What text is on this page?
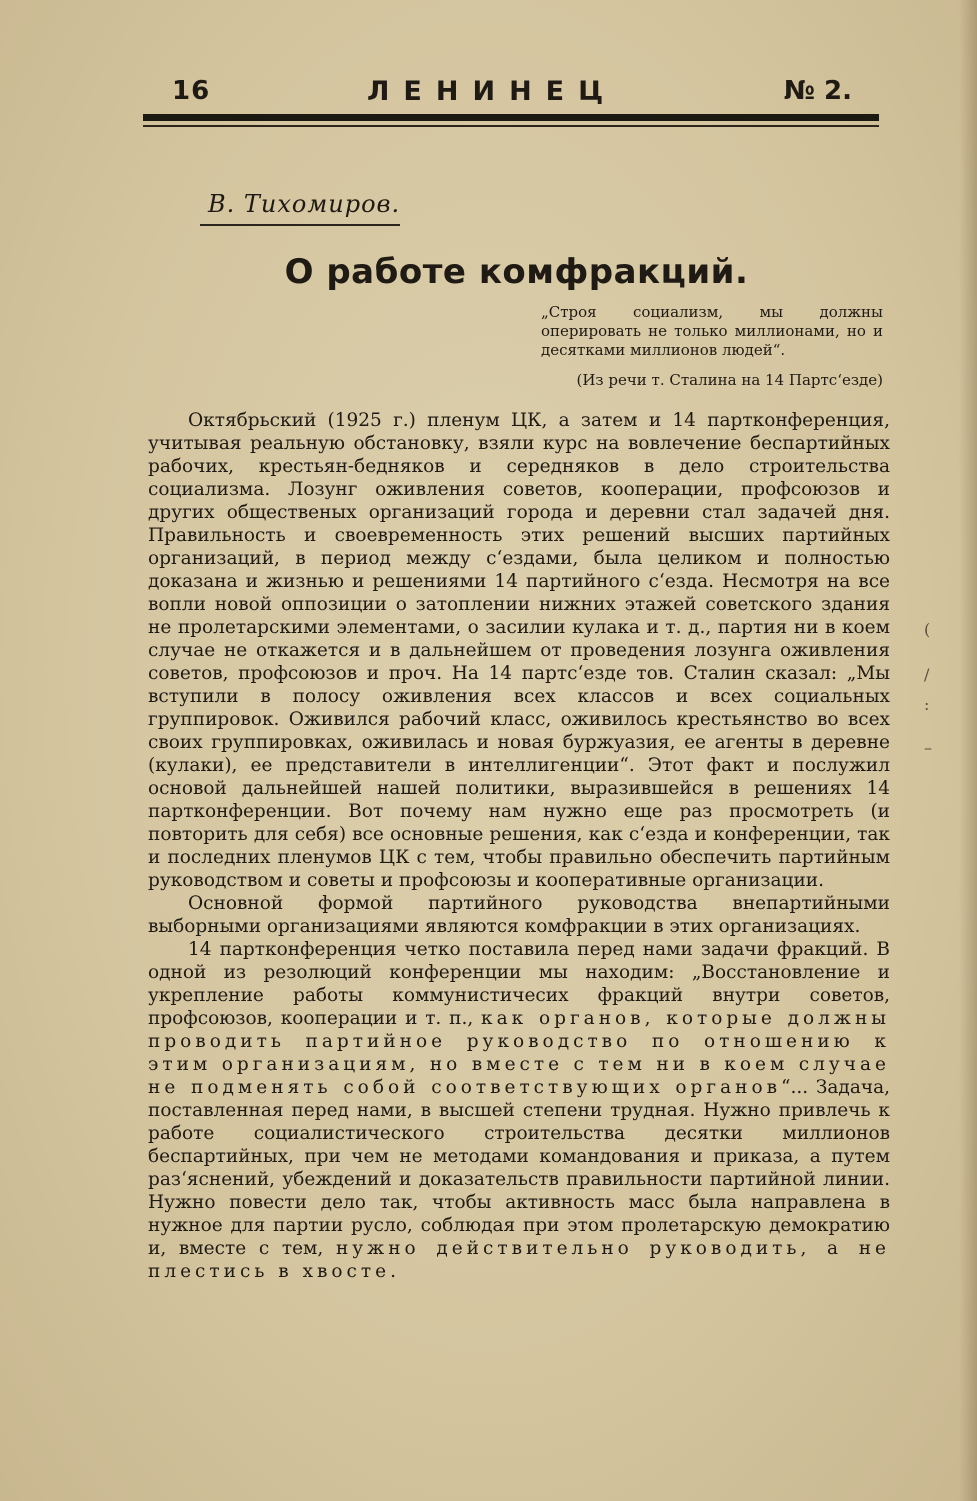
16	ЛЕНИНЕЦ	№ 2.
В. Тихомиров.
О работе комфракций.
„Строя социализм, мы должны оперировать не только миллионами, но и десятками миллионов людей“.
(Из речи т. Сталина на 14 Партс‘езде)

Октябрьский (1925 г.) пленум ЦК, а затем и 14 партконференция, учитывая реальную обстановку, взяли курс на вовлечение беспартийных рабочих, крестьян-бедняков и середняков в дело строительства социализма. Лозунг оживления советов, кооперации, профсоюзов и других общественых организаций города и деревни стал задачей дня. Правильность и своевременность этих решений высших партийных организаций, в период между с‘ездами, была целиком и полностью доказана и жизнью и решениями 14 партийного с‘езда. Несмотря на все вопли новой оппозиции о затоплении нижних этажей советского здания не пролетарскими элементами, о засилии кулака и т. д., партия ни в коем случае не откажется и в дальнейшем от проведения лозунга оживления советов, профсоюзов и проч. На 14 партс‘езде тов. Сталин сказал: „Мы вступили в полосу оживления всех классов и всех социальных группировок. Оживился рабочий класс, оживилось крестьянство во всех своих группировках, оживилась и новая буржуазия, ее агенты в деревне (кулаки), ее представители в интеллигенции“. Этот факт и послужил основой дальнейшей нашей политики, выразившейся в решениях 14 партконференции. Вот почему нам нужно еще раз просмотреть (и повторить для себя) все основные решения, как с‘езда и конференции, так и последних пленумов ЦК с тем, чтобы правильно обеспечить партийным руководством и советы и профсоюзы и кооперативные организации.

Основной формой партийного руководства внепартийными выборными организациями являются комфракции в этих организациях.

14 партконференция четко поставила перед нами задачи фракций. В одной из резолюций конференции мы находим: „Восстановление и укрепление работы коммунистичесих фракций внутри советов, профсоюзов, кооперации и т. п., как органов, которые должны проводить партийное руководство по отношению к этим организациям, но вместе с тем ни в коем случае не подменять собой соответствующих органов“... Задача, поставленная перед нами, в высшей степени трудная. Нужно привлечь к работе социалистического строительства десятки миллионов беспартийных, при чем не методами командования и приказа, а путем раз‘яснений, убеждений и доказательств правильности партийной линии. Нужно повести дело так, чтобы активность масс была направлена в нужное для партии русло, соблюдая при этом пролетарскую демократию и, вместе с тем, нужно действительно руководить, а не плестись в хвосте.

(
/
:
–
